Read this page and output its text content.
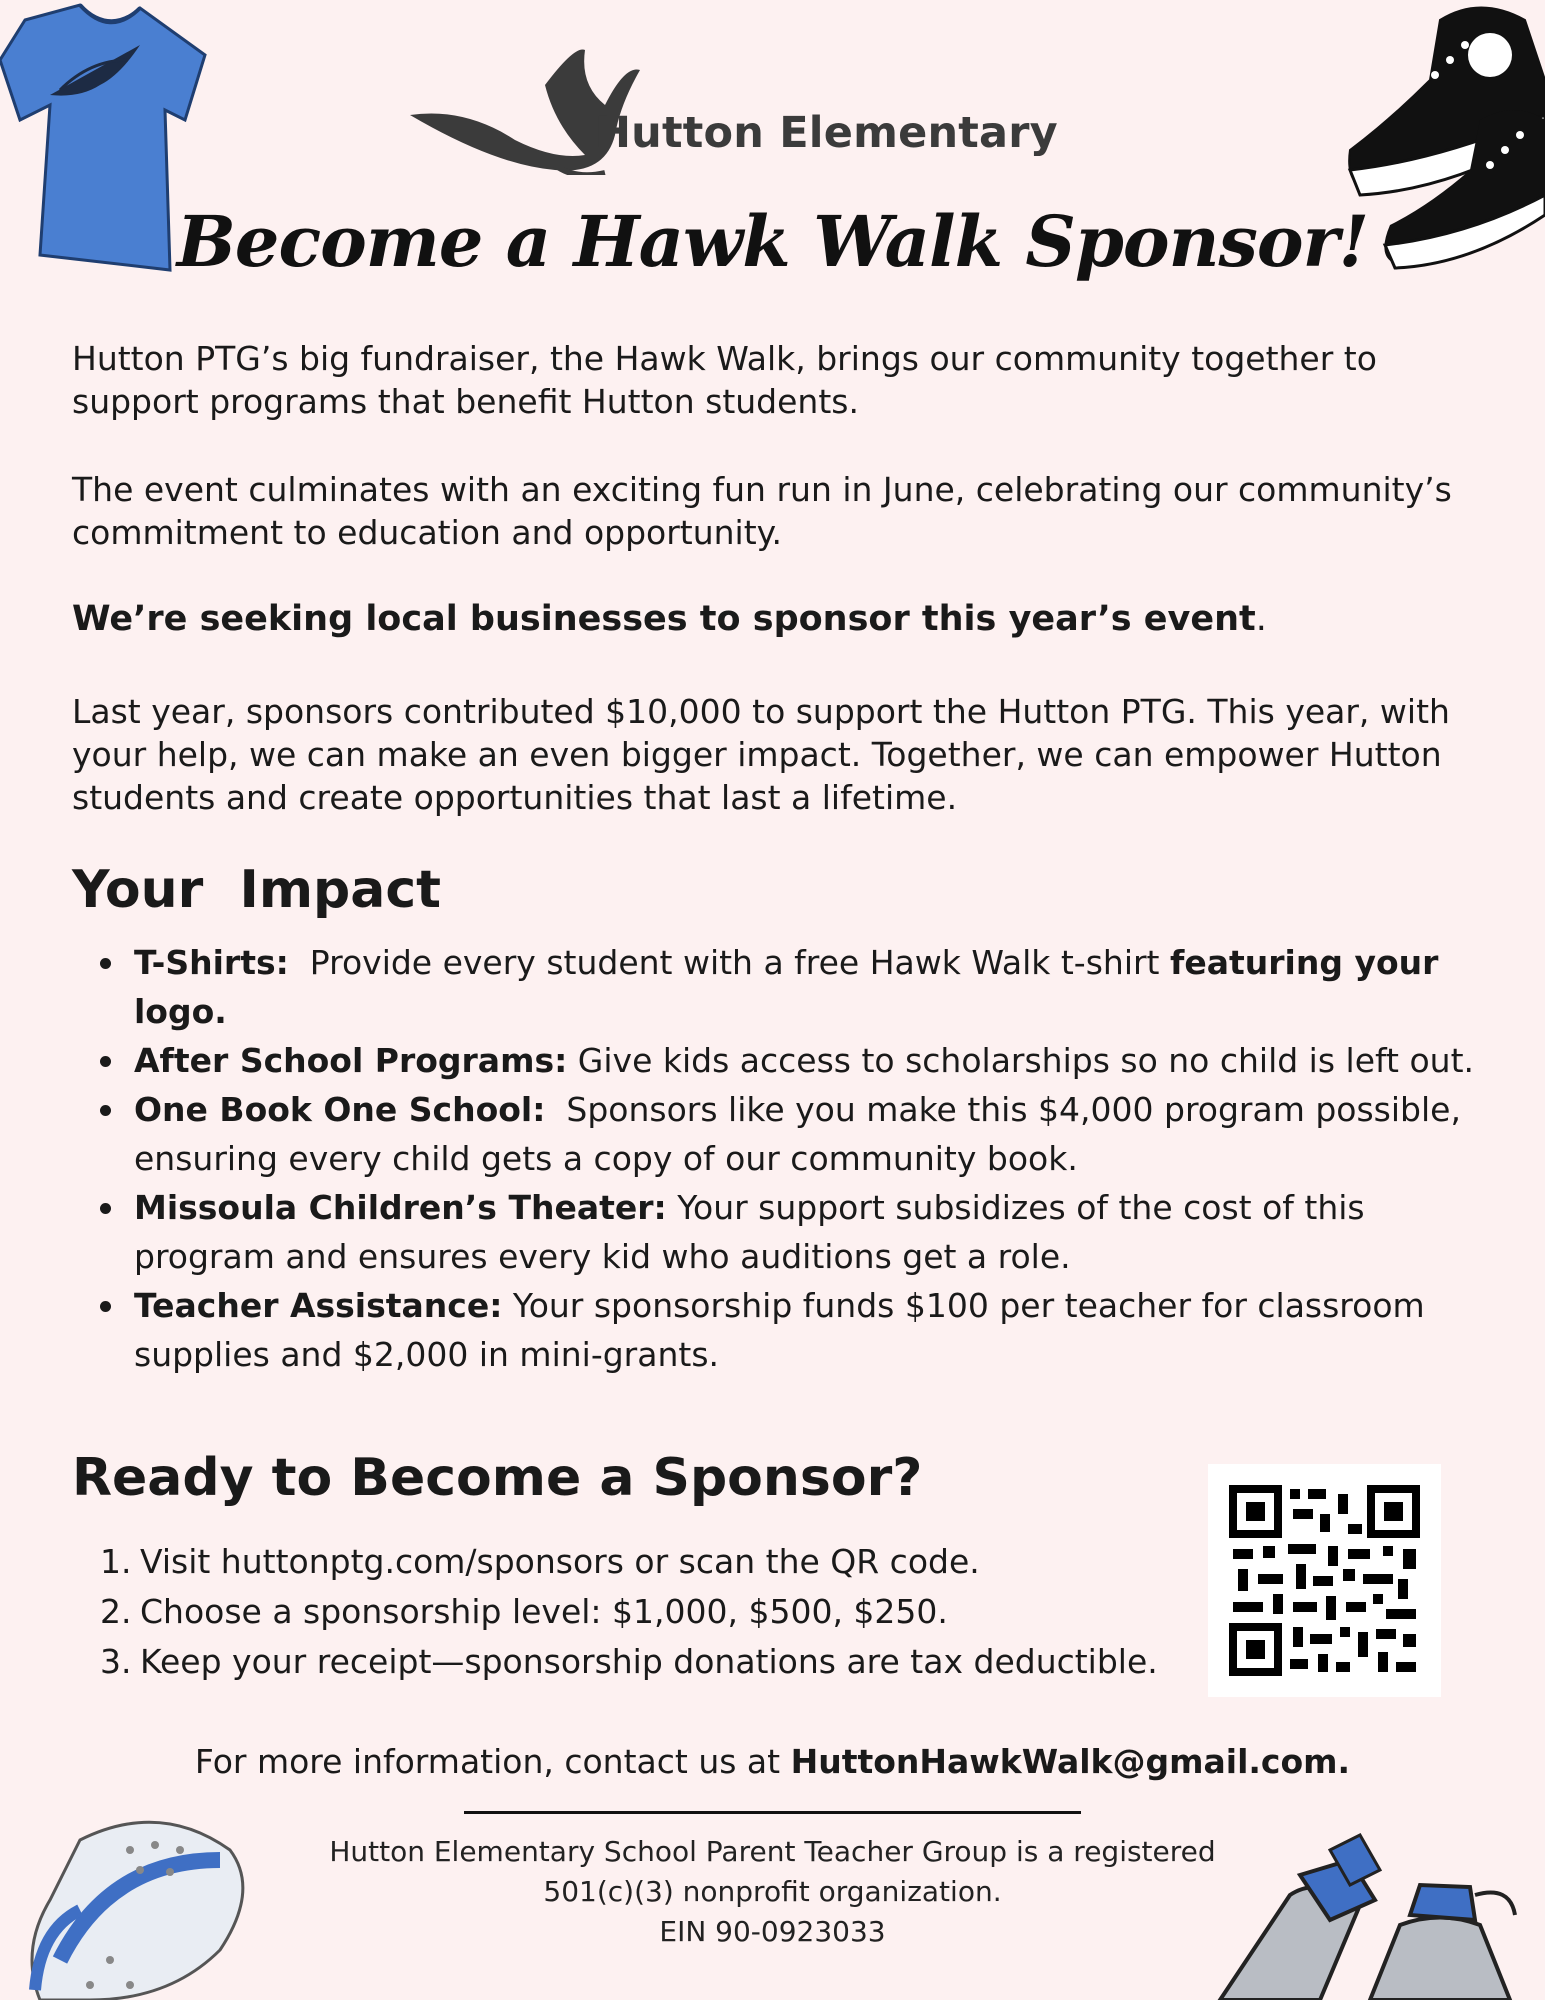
Hutton Elementary
Become a Hawk Walk Sponsor!

Hutton PTG’s big fundraiser, the Hawk Walk, brings our community together to support programs that benefit Hutton students.

The event culminates with an exciting fun run in June, celebrating our community’s commitment to education and opportunity.

We’re seeking local businesses to sponsor this year’s event.

Last year, sponsors contributed $10,000 to support the Hutton PTG. This year, with your help, we can make an even bigger impact. Together, we can empower Hutton students and create opportunities that last a lifetime.

Your  Impact
T-Shirts:  Provide every student with a free Hawk Walk t-shirt featuring your logo.
After School Programs: Give kids access to scholarships so no child is left out.
One Book One School:  Sponsors like you make this $4,000 program possible, ensuring every child gets a copy of our community book.
Missoula Children’s Theater: Your support subsidizes of the cost of this program and ensures every kid who auditions get a role.
Teacher Assistance: Your sponsorship funds $100 per teacher for classroom supplies and $2,000 in mini-grants.
Ready to Become a Sponsor?
1. Visit huttonptg.com/sponsors or scan the QR code.
2. Choose a sponsorship level: $1,000, $500, $250.
3. Keep your receipt—sponsorship donations are tax deductible.
For more information, contact us at HuttonHawkWalk@gmail.com.
Hutton Elementary School Parent Teacher Group is a registered
501(c)(3) nonprofit organization.
EIN 90-0923033
